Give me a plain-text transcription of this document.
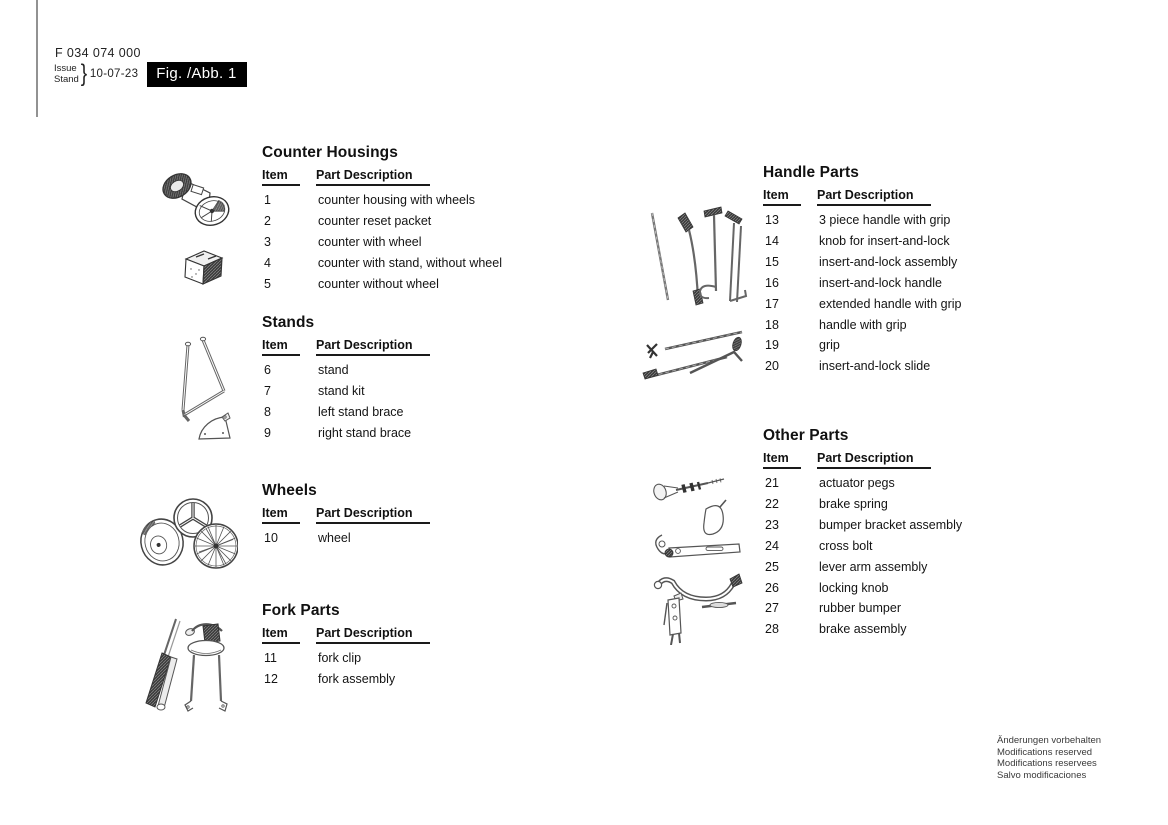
F 034 074 000
Issue
Stand } 10-07-23	Fig. /Abb. 1
Counter Housings
Item	Part Description
1	counter housing with wheels
2	counter reset packet
3	counter with wheel
4	counter with stand, without wheel
5	counter without wheel
Stands
Item	Part Description
6	stand
7	stand kit
8	left stand brace
9	right stand brace
Wheels
Item	Part Description
10	wheel
Fork Parts
Item	Part Description
11	fork clip
12	fork assembly
Handle Parts
Item	Part Description
13	3 piece handle with grip
14	knob for insert-and-lock
15	insert-and-lock assembly
16	insert-and-lock handle
17	extended handle with grip
18	handle with grip
19	grip
20	insert-and-lock slide
Other Parts
Item	Part Description
21	actuator pegs
22	brake spring
23	bumper bracket assembly
24	cross bolt
25	lever arm assembly
26	locking knob
27	rubber bumper
28	brake assembly
Änderungen vorbehalten
Modifications reserved
Modifications reservees
Salvo modificaciones
